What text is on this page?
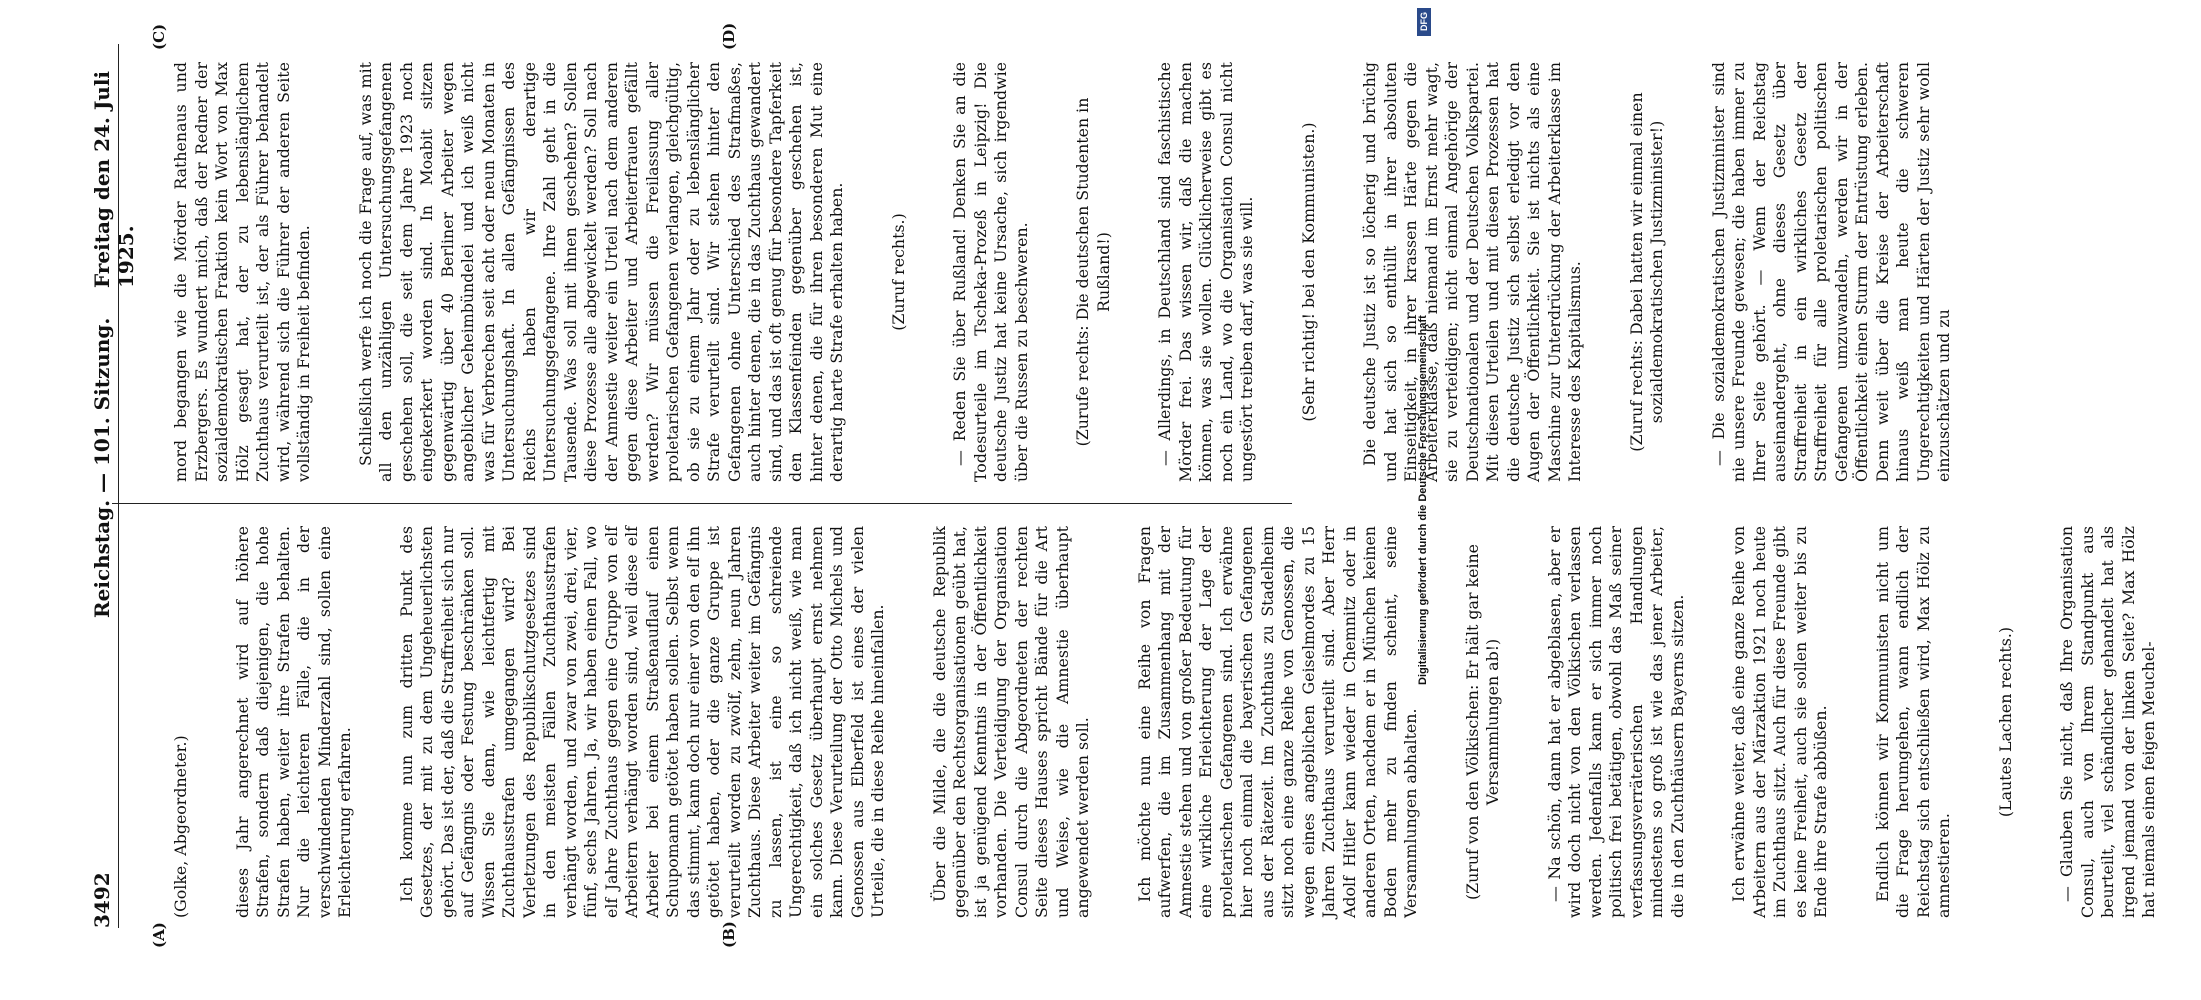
3492
Reichstag. — 101. Sitzung.
Freitag den 24. Juli 1925.
(A)	(B)
(C)	(D)

(Golke, Abgeordneter.)

	dieses Jahr angerechnet wird auf höhere Strafen, sondern daß diejenigen, die hohe Strafen haben, weiter ihre Strafen behalten. Nur die leichteren Fälle, die in der verschwindenden Minderzahl sind, sollen eine Erleichterung erfahren.

	Ich komme nun zum dritten Punkt des Gesetzes, der mit zu dem Ungeheuerlichsten gehört. Das ist der, daß die Straffreiheit sich nur auf Gefängnis oder Festung beschränken soll. Wissen Sie denn, wie leichtfertig mit Zuchthausstrafen umgegangen wird? Bei Verletzungen des Republikschutzgesetzes sind in den meisten Fällen Zuchthausstrafen verhängt worden, und zwar von zwei, drei, vier, fünf, sechs Jahren. Ja, wir haben einen Fall, wo elf Jahre Zuchthaus gegen eine Gruppe von elf Arbeitern verhängt worden sind, weil diese elf Arbeiter bei einem Straßenauflauf einen Schupomann getötet haben sollen. Selbst wenn das stimmt, kann doch nur einer von den elf ihn getötet haben, oder die ganze Gruppe ist verurteilt worden zu zwölf, zehn, neun Jahren Zuchthaus. Diese Arbeiter weiter im Gefängnis zu lassen, ist eine so schreiende Ungerechtigkeit, daß ich nicht weiß, wie man ein solches Gesetz überhaupt ernst nehmen kann. Diese Verurteilung der Otto Michels und Genossen aus Elberfeld ist eines der vielen Urteile, die in diese Reihe hineinfallen.

	Über die Milde, die die deutsche Republik gegenüber den Rechtsorganisationen geübt hat, ist ja genügend Kenntnis in der Öffentlichkeit vorhanden. Die Verteidigung der Organisation Consul durch die Abgeordneten der rechten Seite dieses Hauses spricht Bände für die Art und Weise, wie die Amnestie überhaupt angewendet werden soll.

	Ich möchte nun eine Reihe von Fragen aufwerfen, die im Zusammenhang mit der Amnestie stehen und von großer Bedeutung für eine wirkliche Erleichterung der Lage der proletarischen Gefangenen sind. Ich erwähne hier noch einmal die bayerischen Gefangenen aus der Rätezeit. Im Zuchthaus zu Stadelheim sitzt noch eine ganze Reihe von Genossen, die wegen eines angeblichen Geiselmordes zu 15 Jahren Zuchthaus verurteilt sind. Aber Herr Adolf Hitler kann wieder in Chemnitz oder in anderen Orten, nachdem er in München keinen Boden mehr zu finden scheint, seine Versammlungen abhalten.

	(Zuruf von den Völkischen: Er hält gar keine Versammlungen ab!)

	— Na schön, dann hat er abgeblasen, aber er wird doch nicht von den Völkischen verlassen werden. Jedenfalls kann er sich immer noch politisch frei betätigen, obwohl das Maß seiner verfassungsverräterischen Handlungen mindestens so groß ist wie das jener Arbeiter, die in den Zuchthäusern Bayerns sitzen.

	Ich erwähne weiter, daß eine ganze Reihe von Arbeitern aus der Märzaktion 1921 noch heute im Zuchthaus sitzt. Auch für diese Freunde gibt es keine Freiheit, auch sie sollen weiter bis zu Ende ihre Strafe abbüßen.

	Endlich können wir Kommunisten nicht um die Frage herumgehen, wann endlich der Reichstag sich entschließen wird, Max Hölz zu amnestieren.

(Lautes Lachen rechts.)

	— Glauben Sie nicht, daß Ihre Organisation Consul, auch von Ihrem Standpunkt aus beurteilt, viel schändlicher gehandelt hat als irgend jemand von der linken Seite? Max Hölz hat niemals einen feigen Meuchel-

mord begangen wie die Mörder Rathenaus und Erzbergers. Es wundert mich, daß der Redner der sozialdemokratischen Fraktion kein Wort von Max Hölz gesagt hat, der zu lebenslänglichem Zuchthaus verurteilt ist, der als Führer behandelt wird, während sich die Führer der anderen Seite vollständig in Freiheit befinden.

	Schließlich werfe ich noch die Frage auf, was mit all den unzähligen Untersuchungsgefangenen geschehen soll, die seit dem Jahre 1923 noch eingekerkert worden sind. In Moabit sitzen gegenwärtig über 40 Berliner Arbeiter wegen angeblicher Geheimbündelei und ich weiß nicht was für Verbrechen seit acht oder neun Monaten in Untersuchungshaft. In allen Gefängnissen des Reichs haben wir derartige Untersuchungsgefangene. Ihre Zahl geht in die Tausende. Was soll mit ihnen geschehen? Sollen diese Prozesse alle abgewickelt werden? Soll nach der Amnestie weiter ein Urteil nach dem anderen gegen diese Arbeiter und Arbeiterfrauen gefällt werden? Wir müssen die Freilassung aller proletarischen Gefangenen verlangen, gleichgültig, ob sie zu einem Jahr oder zu lebenslänglicher Strafe verurteilt sind. Wir stehen hinter den Gefangenen ohne Unterschied des Strafmaßes, auch hinter denen, die in das Zuchthaus gewandert sind, und das ist oft genug für besondere Tapferkeit den Klassenfeinden gegenüber geschehen ist, hinter denen, die für ihren besonderen Mut eine derartig harte Strafe erhalten haben.

	(Zuruf rechts.)

	— Reden Sie über Rußland! Denken Sie an die Todesurteile im Tscheka-Prozeß in Leipzig! Die deutsche Justiz hat keine Ursache, sich irgendwie über die Russen zu beschweren.

	(Zurufe rechts: Die deutschen Studenten in Rußland!)

	— Allerdings, in Deutschland sind faschistische Mörder frei. Das wissen wir, daß die machen können, was sie wollen. Glücklicherweise gibt es noch ein Land, wo die Organisation Consul nicht ungestört treiben darf, was sie will.

	(Sehr richtig! bei den Kommunisten.)

	Die deutsche Justiz ist so löcherig und brüchig und hat sich so enthüllt in ihrer absoluten Einseitigkeit, in ihrer krassen Härte gegen die Arbeiterklasse, daß niemand im Ernst mehr wagt, sie zu verteidigen; nicht einmal Angehörige der Deutschnationalen und der Deutschen Volkspartei. Mit diesen Urteilen und mit diesen Prozessen hat die deutsche Justiz sich selbst erledigt vor den Augen der Öffentlichkeit. Sie ist nichts als eine Maschine zur Unterdrückung der Arbeiterklasse im Interesse des Kapitalismus.

	(Zuruf rechts: Dabei hatten wir einmal einen sozialdemokratischen Justizminister!)

	— Die sozialdemokratischen Justizminister sind nie unsere Freunde gewesen; die haben immer zu Ihrer Seite gehört. — Wenn der Reichstag auseinandergeht, ohne dieses Gesetz über Straffreiheit in ein wirkliches Gesetz der Straffreiheit für alle proletarischen politischen Gefangenen umzuwandeln, werden wir in der Öffentlichkeit einen Sturm der Entrüstung erleben. Denn weit über die Kreise der Arbeiterschaft hinaus weiß man heute die schweren Ungerechtigkeiten und Härten der Justiz sehr wohl einzuschätzen und zu

Digitalisierung gefördert durch die Deutsche Forschungsgemeinschaft
DFG
